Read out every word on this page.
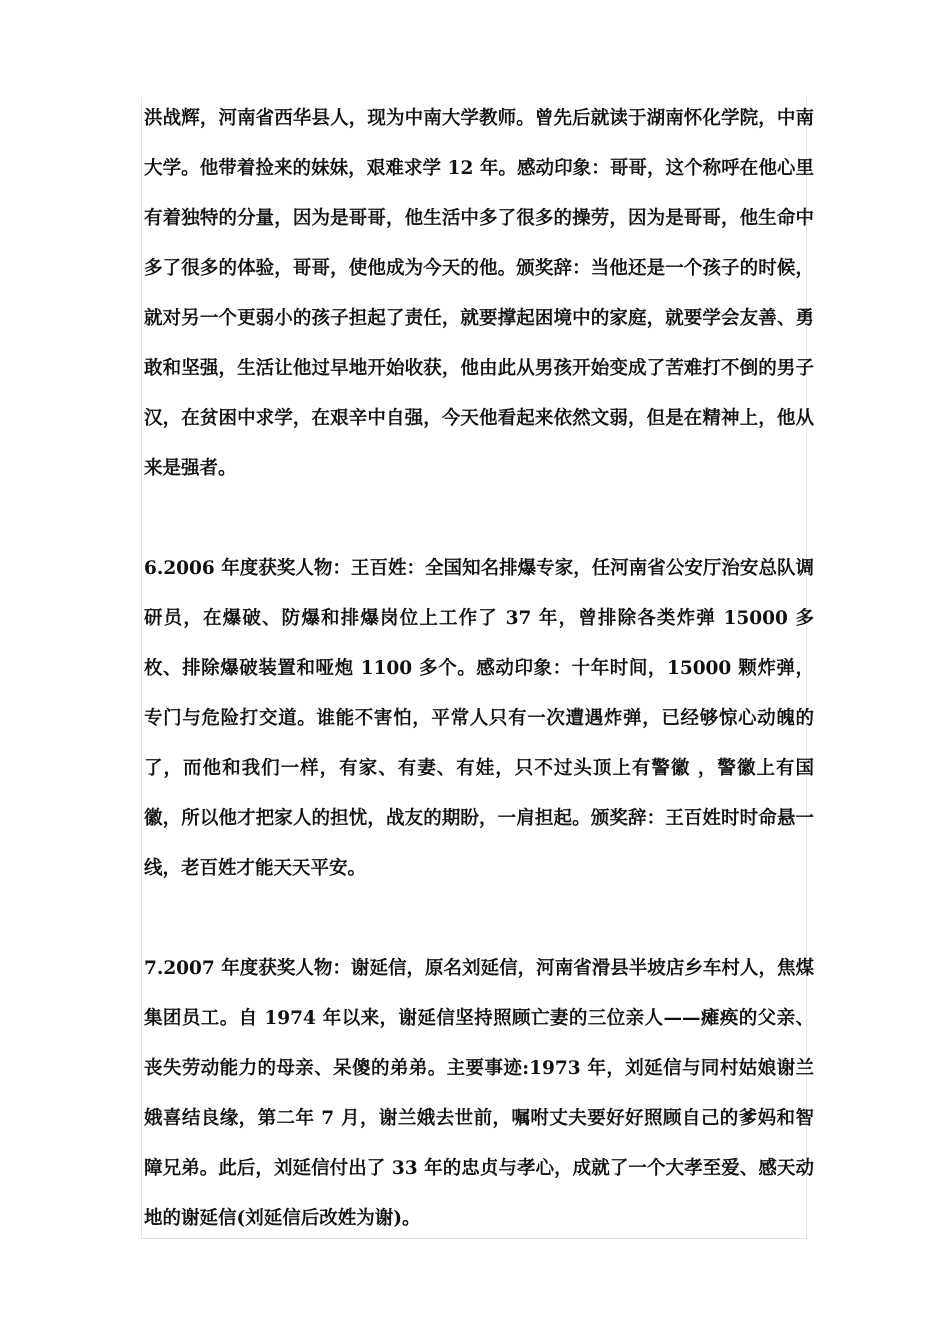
洪战辉，河南省西华县人，现为中南大学教师。曾先后就读于湖南怀化学院，中南大学。他带着捡来的妹妹，艰难求学 12 年。感动印象：哥哥，这个称呼在他心里有着独特的分量，因为是哥哥，他生活中多了很多的操劳，因为是哥哥，他生命中多了很多的体验，哥哥，使他成为今天的他。颁奖辞：当他还是一个孩子的时候，就对另一个更弱小的孩子担起了责任，就要撑起困境中的家庭，就要学会友善、勇敢和坚强，生活让他过早地开始收获，他由此从男孩开始变成了苦难打不倒的男子汉，在贫困中求学，在艰辛中自强，今天他看起来依然文弱，但是在精神上，他从来是强者。

6.2006 年度获奖人物：王百姓：全国知名排爆专家，任河南省公安厅治安总队调研员，在爆破、防爆和排爆岗位上工作了 37 年，曾排除各类炸弹 15000 多枚、排除爆破装置和哑炮 1100 多个。感动印象：十年时间，15000 颗炸弹，专门与危险打交道。谁能不害怕，平常人只有一次遭遇炸弹，已经够惊心动魄的了，而他和我们一样，有家、有妻、有娃，只不过头顶上有警徽 ，警徽上有国徽，所以他才把家人的担忧，战友的期盼，一肩担起。颁奖辞：王百姓时时命悬一线，老百姓才能天天平安。

7.2007 年度获奖人物：谢延信，原名刘延信，河南省滑县半坡店乡车村人，焦煤集团员工。自 1974 年以来，谢延信坚持照顾亡妻的三位亲人——瘫痪的父亲、丧失劳动能力的母亲、呆傻的弟弟。主要事迹:1973 年，刘延信与同村姑娘谢兰娥喜结良缘，第二年 7 月，谢兰娥去世前，嘱咐丈夫要好好照顾自己的爹妈和智障兄弟。此后，刘延信付出了 33 年的忠贞与孝心，成就了一个大孝至爱、感天动地的谢延信(刘延信后改姓为谢)。
